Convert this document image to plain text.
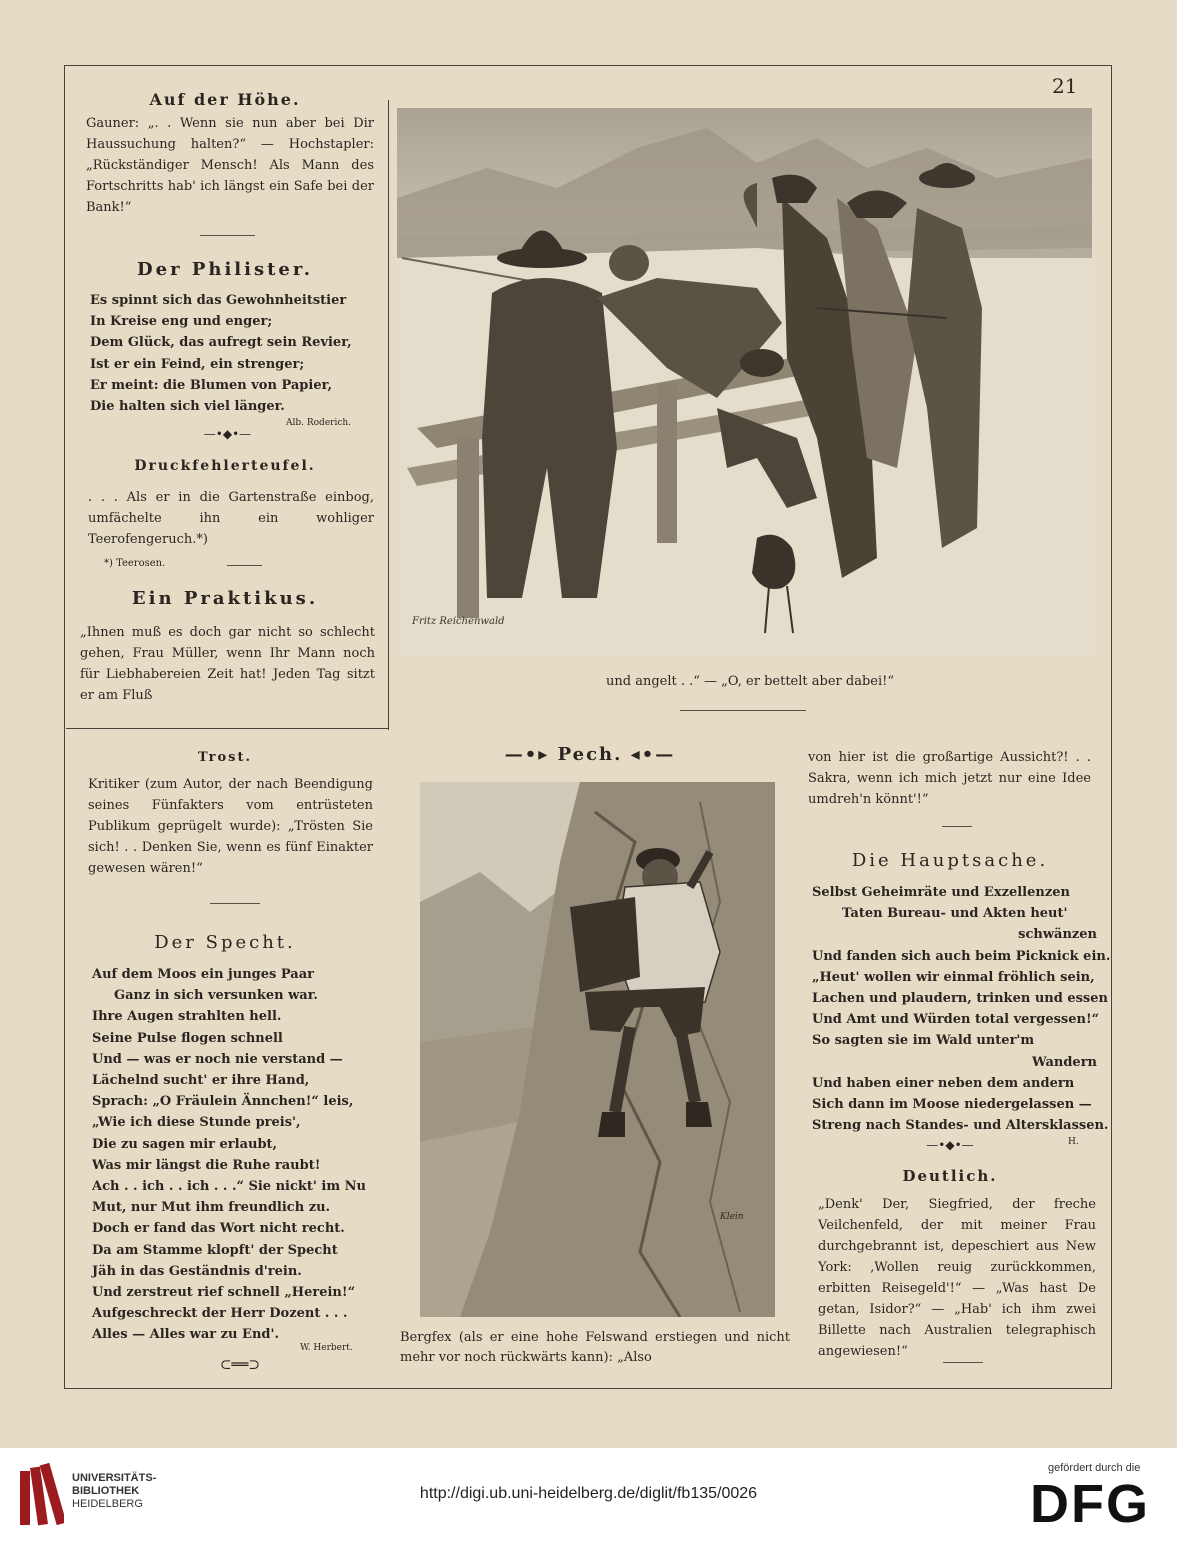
21
Auf der Höhe.
Gauner: „. . Wenn sie nun aber bei Dir Haussuchung halten?“ — Hochstapler: „Rückständiger Mensch! Als Mann des Fortschritts hab' ich längst ein Safe bei der Bank!“
Der Philister.
Es spinnt sich das Gewohnheitstier
In Kreise eng und enger;
Dem Glück, das aufregt sein Revier,
Ist er ein Feind, ein strenger;
Er meint: die Blumen von Papier,
Die halten sich viel länger.
Alb. Roderich.
—•◆•—
Druckfehlerteufel.
. . . Als er in die Gartenstraße einbog, umfächelte ihn ein wohliger Teerofengeruch.*)
*) Teerosen.
Ein Praktikus.
„Ihnen muß es doch gar nicht so schlecht gehen, Frau Müller, wenn Ihr Mann noch für Liebhabereien Zeit hat! Jeden Tag sitzt er am Fluß
Fritz Reichenwald
und angelt . .“ — „O, er bettelt aber dabei!“
Trost.
Kritiker (zum Autor, der nach Beendigung seines Fünfakters vom entrüsteten Publikum geprügelt wurde): „Trösten Sie sich! . . Denken Sie, wenn es fünf Einakter gewesen wären!“
Der Specht.
Auf dem Moos ein junges Paar
Ganz in sich versunken war.
Ihre Augen strahlten hell.
Seine Pulse flogen schnell
Und — was er noch nie verstand —
Lächelnd sucht' er ihre Hand,
Sprach: „O Fräulein Ännchen!“ leis,
„Wie ich diese Stunde preis',
Die zu sagen mir erlaubt,
Was mir längst die Ruhe raubt!
Ach . . ich . . ich . . .“ Sie nickt' im Nu
Mut, nur Mut ihm freundlich zu.
Doch er fand das Wort nicht recht.
Da am Stamme klopft' der Specht
Jäh in das Geständnis d'rein.
Und zerstreut rief schnell „Herein!“
Aufgeschreckt der Herr Dozent . . .
Alles — Alles war zu End'.
W. Herbert.
⊂══⊃
—•▸ Pech. ◂•—
Klein
Bergfex (als er eine hohe Felswand erstiegen und nicht mehr vor noch rückwärts kann): „Also
von hier ist die großartige Aussicht?! . . Sakra, wenn ich mich jetzt nur eine Idee umdreh'n könnt'!“
Die Hauptsache.
Selbst Geheimräte und Exzellenzen
Taten Bureau- und Akten heut'
schwänzen
Und fanden sich auch beim Picknick ein.
„Heut' wollen wir einmal fröhlich sein,
Lachen und plaudern, trinken und essen
Und Amt und Würden total vergessen!“
So sagten sie im Wald unter'm
Wandern
Und haben einer neben dem andern
Sich dann im Moose niedergelassen —
Streng nach Standes- und Altersklassen.
H.
—•◆•—
Deutlich.
„Denk' Der, Siegfried, der freche Veilchenfeld, der mit meiner Frau durchgebrannt ist, depeschiert aus New York: ‚Wollen reuig zurückkommen, erbitten Reisegeld'!“ — „Was hast De getan, Isidor?“ — „Hab' ich ihm zwei Billette nach Australien telegraphisch angewiesen!“
UNIVERSITÄTS-
BIBLIOTHEK
HEIDELBERG
http://digi.ub.uni-heidelberg.de/diglit/fb135/0026
gefördert durch die
DFG
